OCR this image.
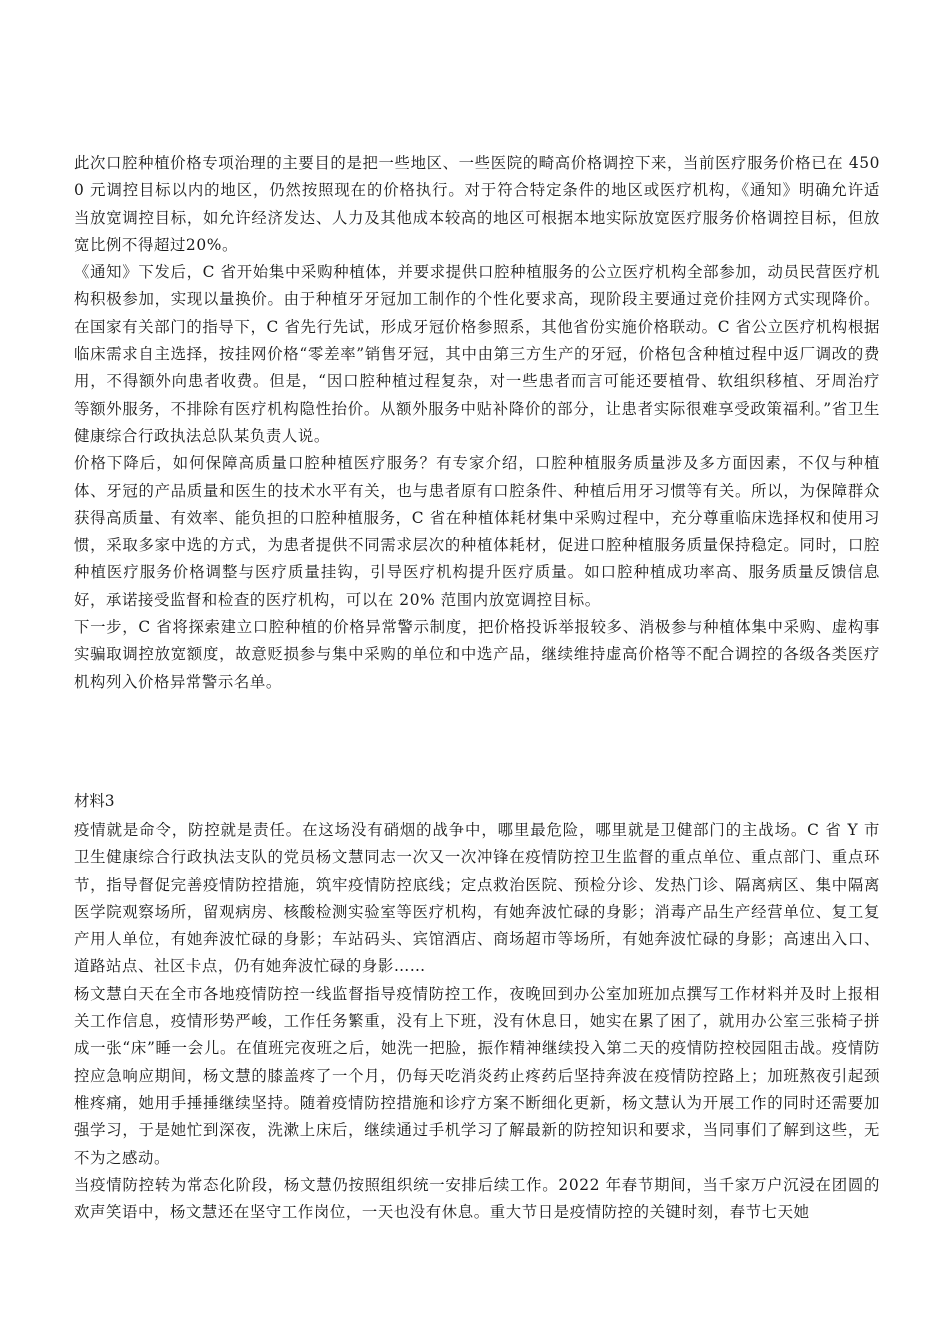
此次口腔种植价格专项治理的主要目的是把一些地区、一些医院的畸高价格调控下来，当前医疗服务价格已在 4500 元调控目标以内的地区，仍然按照现在的价格执行。对于符合特定条件的地区或医疗机构，《通知》明确允许适当放宽调控目标，如允许经济发达、人力及其他成本较高的地区可根据本地实际放宽医疗服务价格调控目标，但放宽比例不得超过20%。

《通知》下发后，C 省开始集中采购种植体，并要求提供口腔种植服务的公立医疗机构全部参加，动员民营医疗机构积极参加，实现以量换价。由于种植牙牙冠加工制作的个性化要求高，现阶段主要通过竞价挂网方式实现降价。在国家有关部门的指导下，C 省先行先试，形成牙冠价格参照系，其他省份实施价格联动。C 省公立医疗机构根据临床需求自主选择，按挂网价格“零差率”销售牙冠，其中由第三方生产的牙冠，价格包含种植过程中返厂调改的费用，不得额外向患者收费。但是，“因口腔种植过程复杂，对一些患者而言可能还要植骨、软组织移植、牙周治疗等额外服务，不排除有医疗机构隐性抬价。从额外服务中贴补降价的部分，让患者实际很难享受政策福利。”省卫生健康综合行政执法总队某负责人说。

价格下降后，如何保障高质量口腔种植医疗服务？有专家介绍，口腔种植服务质量涉及多方面因素，不仅与种植体、牙冠的产品质量和医生的技术水平有关，也与患者原有口腔条件、种植后用牙习惯等有关。所以，为保障群众获得高质量、有效率、能负担的口腔种植服务，C 省在种植体耗材集中采购过程中，充分尊重临床选择权和使用习惯，采取多家中选的方式，为患者提供不同需求层次的种植体耗材，促进口腔种植服务质量保持稳定。同时，口腔种植医疗服务价格调整与医疗质量挂钩，引导医疗机构提升医疗质量。如口腔种植成功率高、服务质量反馈信息好，承诺接受监督和检查的医疗机构，可以在 20% 范围内放宽调控目标。

下一步，C 省将探索建立口腔种植的价格异常警示制度，把价格投诉举报较多、消极参与种植体集中采购、虚构事实骗取调控放宽额度，故意贬损参与集中采购的单位和中选产品，继续维持虚高价格等不配合调控的各级各类医疗机构列入价格异常警示名单。

材料3

疫情就是命令，防控就是责任。在这场没有硝烟的战争中，哪里最危险，哪里就是卫健部门的主战场。C 省 Y 市卫生健康综合行政执法支队的党员杨文慧同志一次又一次冲锋在疫情防控卫生监督的重点单位、重点部门、重点环节，指导督促完善疫情防控措施，筑牢疫情防控底线；定点救治医院、预检分诊、发热门诊、隔离病区、集中隔离医学院观察场所，留观病房、核酸检测实验室等医疗机构，有她奔波忙碌的身影；消毒产品生产经营单位、复工复产用人单位，有她奔波忙碌的身影；车站码头、宾馆酒店、商场超市等场所，有她奔波忙碌的身影；高速出入口、道路站点、社区卡点，仍有她奔波忙碌的身影……

杨文慧白天在全市各地疫情防控一线监督指导疫情防控工作，夜晚回到办公室加班加点撰写工作材料并及时上报相关工作信息，疫情形势严峻，工作任务繁重，没有上下班，没有休息日，她实在累了困了，就用办公室三张椅子拼成一张“床”睡一会儿。在值班完夜班之后，她洗一把脸，振作精神继续投入第二天的疫情防控校园阻击战。疫情防控应急响应期间，杨文慧的膝盖疼了一个月，仍每天吃消炎药止疼药后坚持奔波在疫情防控路上；加班熬夜引起颈椎疼痛，她用手捶捶继续坚持。随着疫情防控措施和诊疗方案不断细化更新，杨文慧认为开展工作的同时还需要加强学习，于是她忙到深夜，洗漱上床后，继续通过手机学习了解最新的防控知识和要求，当同事们了解到这些，无不为之感动。

当疫情防控转为常态化阶段，杨文慧仍按照组织统一安排后续工作。2022 年春节期间，当千家万户沉浸在团圆的欢声笑语中，杨文慧还在坚守工作岗位，一天也没有休息。重大节日是疫情防控的关键时刻，春节七天她
